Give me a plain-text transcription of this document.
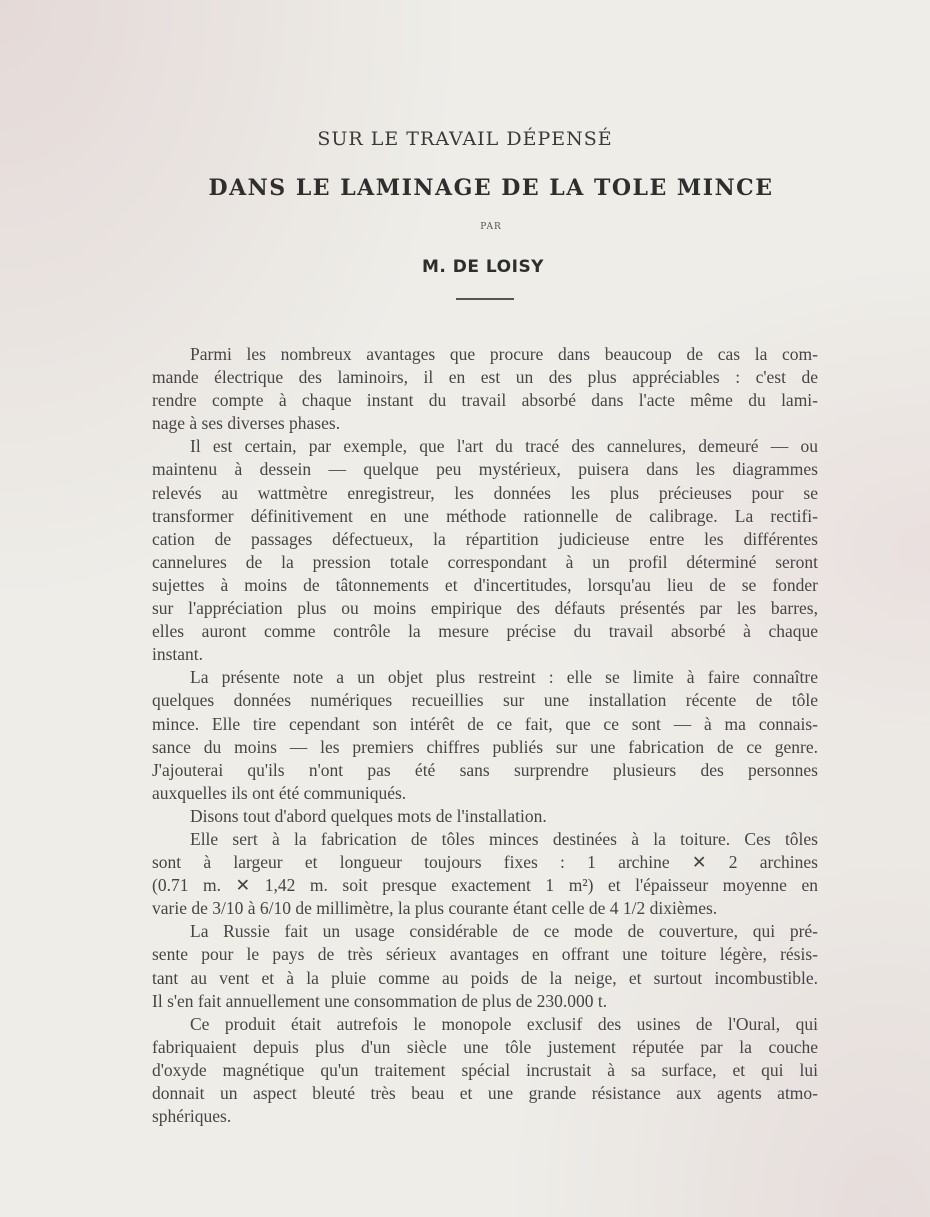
SUR LE TRAVAIL DÉPENSÉ
DANS LE LAMINAGE DE LA TOLE MINCE
PAR
M. DE LOISY

Parmi les nombreux avantages que procure dans beaucoup de cas la com-
mande électrique des laminoirs, il en est un des plus appréciables : c'est de
rendre compte à chaque instant du travail absorbé dans l'acte même du lami-
nage à ses diverses phases.

Il est certain, par exemple, que l'art du tracé des cannelures, demeuré — ou
maintenu à dessein — quelque peu mystérieux, puisera dans les diagrammes
relevés au wattmètre enregistreur, les données les plus précieuses pour se
transformer définitivement en une méthode rationnelle de calibrage. La rectifi-
cation de passages défectueux, la répartition judicieuse entre les différentes
cannelures de la pression totale correspondant à un profil déterminé seront
sujettes à moins de tâtonnements et d'incertitudes, lorsqu'au lieu de se fonder
sur l'appréciation plus ou moins empirique des défauts présentés par les barres,
elles auront comme contrôle la mesure précise du travail absorbé à chaque
instant.

La présente note a un objet plus restreint : elle se limite à faire connaître
quelques données numériques recueillies sur une installation récente de tôle
mince. Elle tire cependant son intérêt de ce fait, que ce sont — à ma connais-
sance du moins — les premiers chiffres publiés sur une fabrication de ce genre.
J'ajouterai qu'ils n'ont pas été sans surprendre plusieurs des personnes
auxquelles ils ont été communiqués.

Disons tout d'abord quelques mots de l'installation.

Elle sert à la fabrication de tôles minces destinées à la toiture. Ces tôles
sont à largeur et longueur toujours fixes : 1 archine ✕ 2 archines
(0.71 m. ✕ 1,42 m. soit presque exactement 1 m²) et l'épaisseur moyenne en
varie de 3/10 à 6/10 de millimètre, la plus courante étant celle de 4 1/2 dixièmes.

La Russie fait un usage considérable de ce mode de couverture, qui pré-
sente pour le pays de très sérieux avantages en offrant une toiture légère, résis-
tant au vent et à la pluie comme au poids de la neige, et surtout incombustible.
Il s'en fait annuellement une consommation de plus de 230.000 t.

Ce produit était autrefois le monopole exclusif des usines de l'Oural, qui
fabriquaient depuis plus d'un siècle une tôle justement réputée par la couche
d'oxyde magnétique qu'un traitement spécial incrustait à sa surface, et qui lui
donnait un aspect bleuté très beau et une grande résistance aux agents atmo-
sphériques.
